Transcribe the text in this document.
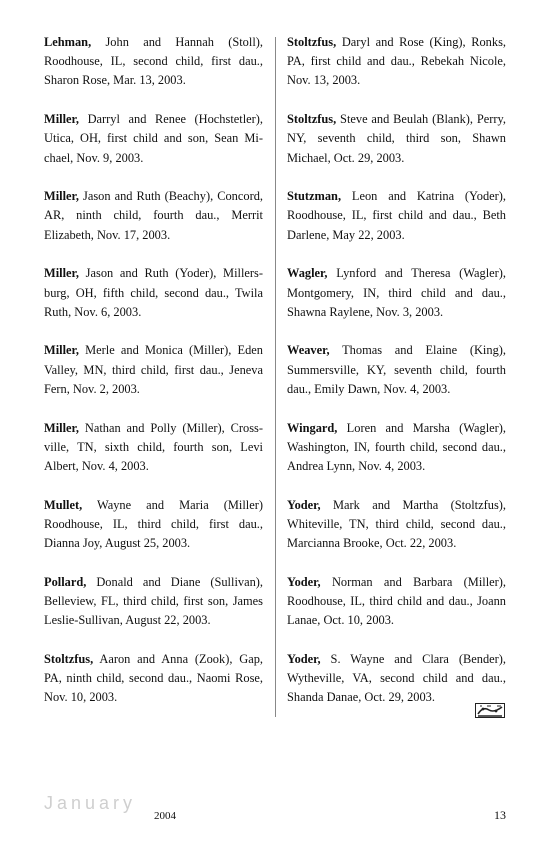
Lehman, John and Hannah (Stoll), Roodhouse, IL, second child, first dau., Sharon Rose, Mar. 13, 2003.

Miller, Darryl and Renee (Hochstetler), Utica, OH, first child and son, Sean Michael, Nov. 9, 2003.

Miller, Jason and Ruth (Beachy), Concord, AR, ninth child, fourth dau., Merrit Elizabeth, Nov. 17, 2003.

Miller, Jason and Ruth (Yoder), Millersburg, OH, fifth child, second dau., Twila Ruth, Nov. 6, 2003.

Miller, Merle and Monica (Miller), Eden Valley, MN, third child, first dau., Jeneva Fern, Nov. 2, 2003.

Miller, Nathan and Polly (Miller), Crossville, TN, sixth child, fourth son, Levi Albert, Nov. 4, 2003.

Mullet, Wayne and Maria (Miller) Roodhouse, IL, third child, first dau., Dianna Joy, August 25, 2003.

Pollard, Donald and Diane (Sullivan), Belleview, FL, third child, first son, James Leslie-Sullivan, August 22, 2003.

Stoltzfus, Aaron and Anna (Zook), Gap, PA, ninth child, second dau., Naomi Rose, Nov. 10, 2003.

Stoltzfus, Daryl and Rose (King), Ronks, PA, first child and dau., Rebekah Nicole, Nov. 13, 2003.

Stoltzfus, Steve and Beulah (Blank), Perry, NY, seventh child, third son, Shawn Michael, Oct. 29, 2003.

Stutzman, Leon and Katrina (Yoder), Roodhouse, IL, first child and dau., Beth Darlene, May 22, 2003.

Wagler, Lynford and Theresa (Wagler), Montgomery, IN, third child and dau., Shawna Raylene, Nov. 3, 2003.

Weaver, Thomas and Elaine (King), Summersville, KY, seventh child, fourth dau., Emily Dawn, Nov. 4, 2003.

Wingard, Loren and Marsha (Wagler), Washington, IN, fourth child, second dau., Andrea Lynn, Nov. 4, 2003.

Yoder, Mark and Martha (Stoltzfus), Whiteville, TN, third child, second dau., Marcianna Brooke, Oct. 22, 2003.

Yoder, Norman and Barbara (Miller), Roodhouse, IL, third child and dau., Joann Lanae, Oct. 10, 2003.

Yoder, S. Wayne and Clara (Bender), Wytheville, VA, second child and dau., Shanda Danae, Oct. 29, 2003.

January
2004	13
